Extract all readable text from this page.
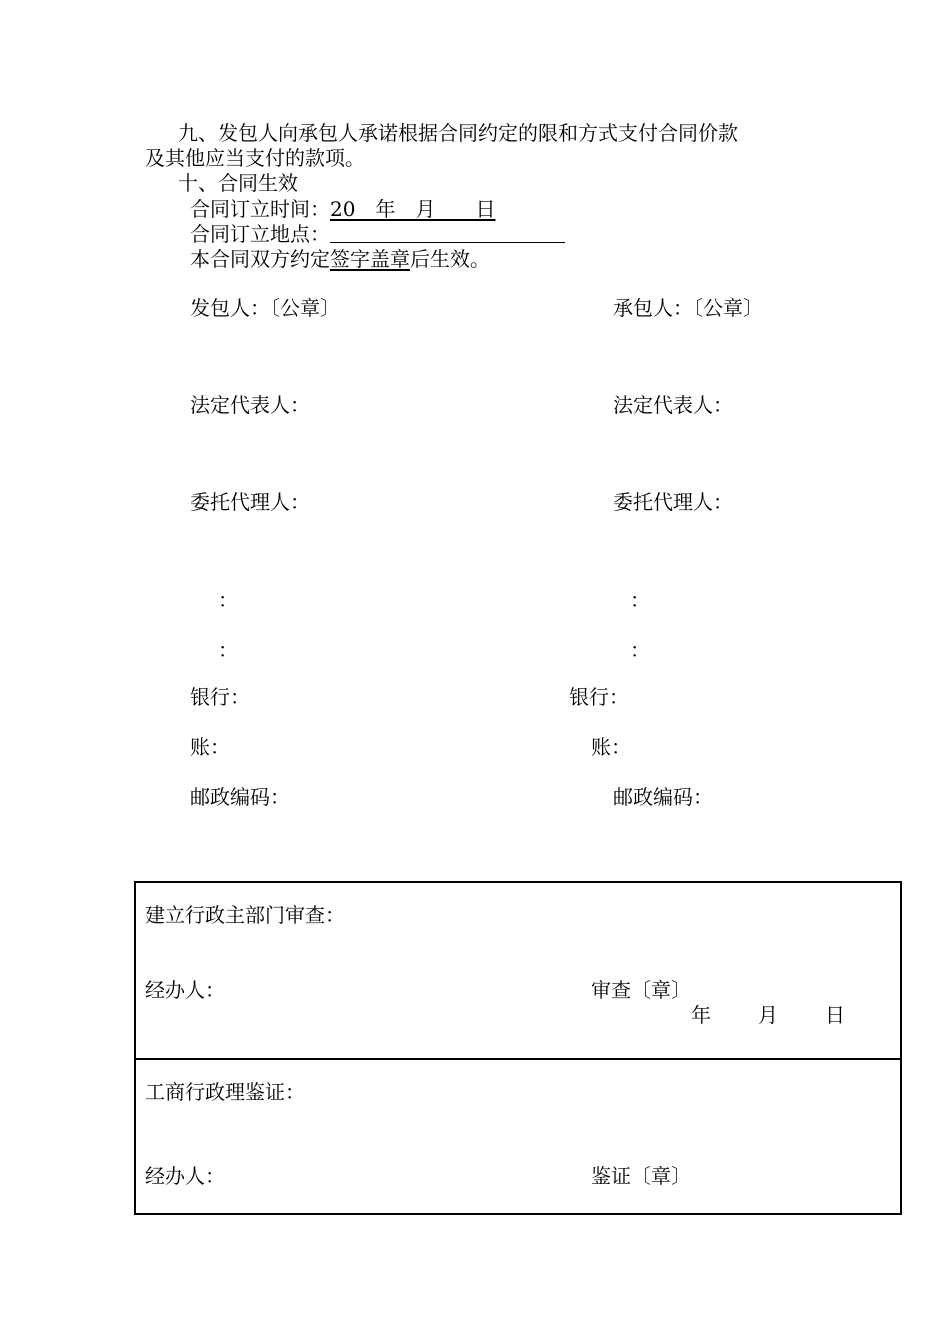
九、发包人向承包人承诺根据合同约定的限和方式支付合同价款
及其他应当支付的款项。
十、合同生效
合同订立时间：20　年　月　　日
合同订立地点：
本合同双方约定签字盖章后生效。
发包人：〔公章〕	承包人：〔公章〕
法定代表人：	法定代表人：
委托代理人：	委托代理人：
：	：
：	：
银行：	银行：
账：	账：
邮政编码：	邮政编码：
建立行政主部门审查：
经办人：	审查〔章〕
年 月 日
工商行政理鉴证：
经办人：	鉴证〔章〕
